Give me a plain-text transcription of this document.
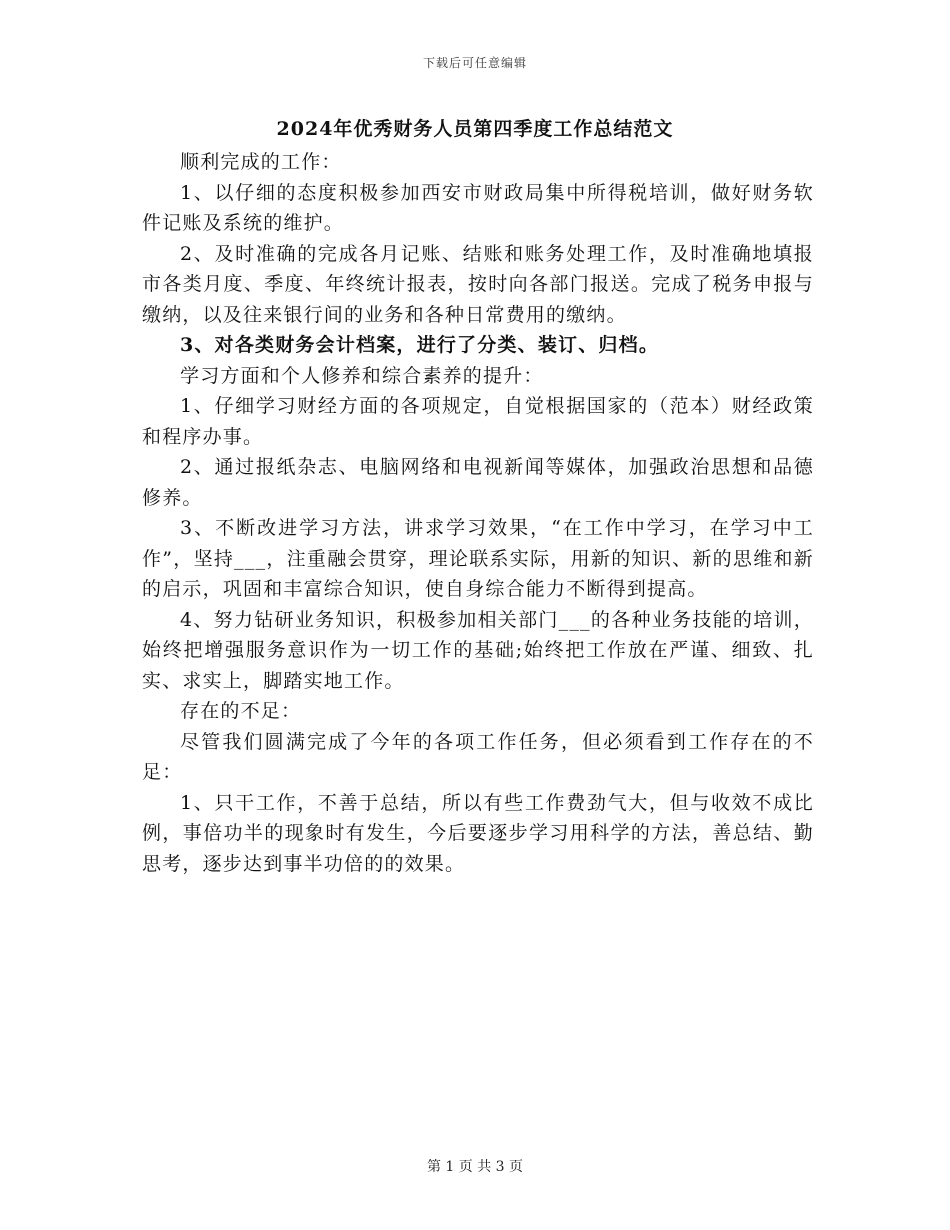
下载后可任意编辑
2024年优秀财务人员第四季度工作总结范文

顺利完成的工作：

1、以仔细的态度积极参加西安市财政局集中所得税培训，做好财务软件记账及系统的维护。

2、及时准确的完成各月记账、结账和账务处理工作，及时准确地填报市各类月度、季度、年终统计报表，按时向各部门报送。完成了税务申报与缴纳，以及往来银行间的业务和各种日常费用的缴纳。

3、对各类财务会计档案，进行了分类、装订、归档。

学习方面和个人修养和综合素养的提升：

1、仔细学习财经方面的各项规定，自觉根据国家的（范本）财经政策和程序办事。

2、通过报纸杂志、电脑网络和电视新闻等媒体，加强政治思想和品德修养。

3、不断改进学习方法，讲求学习效果，“在工作中学习，在学习中工作”，坚持___，注重融会贯穿，理论联系实际，用新的知识、新的思维和新的启示，巩固和丰富综合知识，使自身综合能力不断得到提高。

4、努力钻研业务知识，积极参加相关部门___的各种业务技能的培训，始终把增强服务意识作为一切工作的基础;始终把工作放在严谨、细致、扎实、求实上，脚踏实地工作。

存在的不足：

尽管我们圆满完成了今年的各项工作任务，但必须看到工作存在的不足：

1、只干工作，不善于总结，所以有些工作费劲气大，但与收效不成比例，事倍功半的现象时有发生，今后要逐步学习用科学的方法，善总结、勤思考，逐步达到事半功倍的的效果。

第 1 页 共 3 页
